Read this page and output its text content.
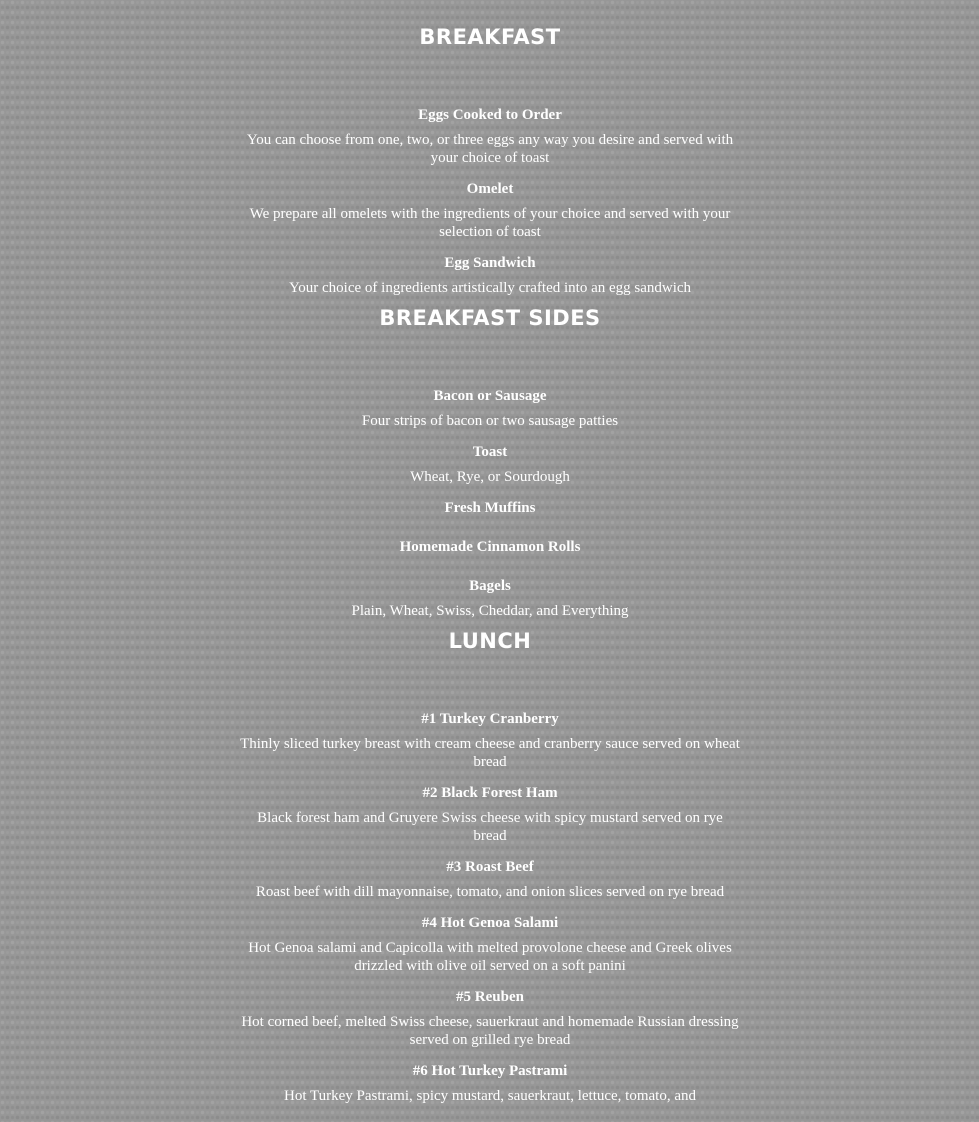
BREAKFAST

Eggs Cooked to Order

You can choose from one, two, or three eggs any way you desire and served with your choice of toast

Omelet

We prepare all omelets with the ingredients of your choice and served with your selection of toast

Egg Sandwich

Your choice of ingredients artistically crafted into an egg sandwich

BREAKFAST SIDES

Bacon or Sausage

Four strips of bacon or two sausage patties

Toast

Wheat, Rye, or Sourdough

Fresh Muffins

Homemade Cinnamon Rolls

Bagels

Plain, Wheat, Swiss, Cheddar, and Everything

LUNCH

#1 Turkey Cranberry

Thinly sliced turkey breast with cream cheese and cranberry sauce served on wheat bread

#2 Black Forest Ham

Black forest ham and Gruyere Swiss cheese with spicy mustard served on rye bread

#3 Roast Beef

Roast beef with dill mayonnaise, tomato, and onion slices served on rye bread

#4 Hot Genoa Salami

Hot Genoa salami and Capicolla with melted provolone cheese and Greek olives drizzled with olive oil served on a soft panini

#5 Reuben

Hot corned beef, melted Swiss cheese, sauerkraut and homemade Russian dressing served on grilled rye bread

#6 Hot Turkey Pastrami

Hot Turkey Pastrami, spicy mustard, sauerkraut, lettuce, tomato, and
